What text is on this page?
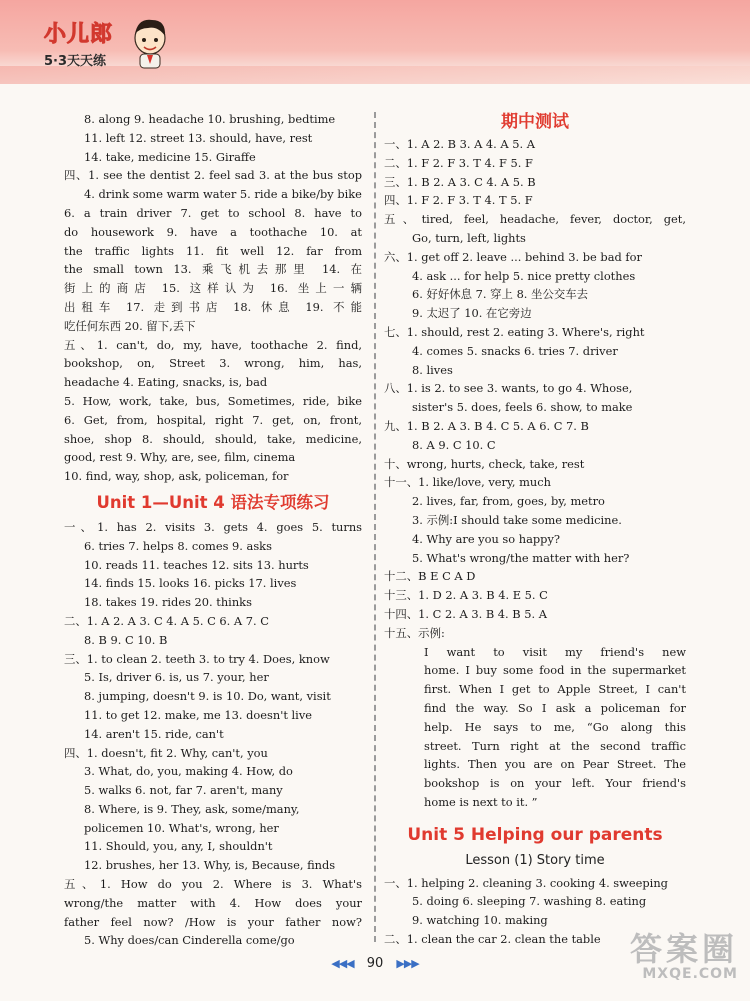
小儿郎
5·3天天练
8. along 9. headache 10. brushing, bedtime
11. left 12. street 13. should, have, rest
14. take, medicine 15. Giraffe
四、1. see the dentist 2. feel sad 3. at the bus stop
4. drink some warm water 5. ride a bike/by bike
6. a train driver 7. get to school 8. have to
do housework 9. have a toothache 10. at
the traffic lights 11. fit well 12. far from
the small town 13. 乘飞机去那里 14. 在
街上的商店 15. 这样认为 16. 坐上一辆
出租车 17. 走到书店 18. 休息 19. 不能
吃任何东西 20. 留下,丢下
五、1. can't, do, my, have, toothache 2. find,
bookshop, on, Street 3. wrong, him, has,
headache 4. Eating, snacks, is, bad
5. How, work, take, bus, Sometimes, ride, bike
6. Get, from, hospital, right 7. get, on, front,
shoe, shop 8. should, should, take, medicine,
good, rest 9. Why, are, see, film, cinema
10. find, way, shop, ask, policeman, for
Unit 1—Unit 4 语法专项练习
一、1. has 2. visits 3. gets 4. goes 5. turns
6. tries 7. helps 8. comes 9. asks
10. reads 11. teaches 12. sits 13. hurts
14. finds 15. looks 16. picks 17. lives
18. takes 19. rides 20. thinks
二、1. A 2. A 3. C 4. A 5. C 6. A 7. C
8. B 9. C 10. B
三、1. to clean 2. teeth 3. to try 4. Does, know
5. Is, driver 6. is, us 7. your, her
8. jumping, doesn't 9. is 10. Do, want, visit
11. to get 12. make, me 13. doesn't live
14. aren't 15. ride, can't
四、1. doesn't, fit 2. Why, can't, you
3. What, do, you, making 4. How, do
5. walks 6. not, far 7. aren't, many
8. Where, is 9. They, ask, some/many,
policemen 10. What's, wrong, her
11. Should, you, any, I, shouldn't
12. brushes, her 13. Why, is, Because, finds
五、1. How do you 2. Where is 3. What's
wrong/the matter with 4. How does your
father feel now? /How is your father now?
5. Why does/can Cinderella come/go
期中测试
一、1. A 2. B 3. A 4. A 5. A
二、1. F 2. F 3. T 4. F 5. F
三、1. B 2. A 3. C 4. A 5. B
四、1. F 2. F 3. T 4. T 5. F
五、tired, feel, headache, fever, doctor, get,
Go, turn, left, lights
六、1. get off 2. leave ... behind 3. be bad for
4. ask ... for help 5. nice pretty clothes
6. 好好休息 7. 穿上 8. 坐公交车去
9. 太迟了 10. 在它旁边
七、1. should, rest 2. eating 3. Where's, right
4. comes 5. snacks 6. tries 7. driver
8. lives
八、1. is 2. to see 3. wants, to go 4. Whose,
sister's 5. does, feels 6. show, to make
九、1. B 2. A 3. B 4. C 5. A 6. C 7. B
8. A 9. C 10. C
十、wrong, hurts, check, take, rest
十一、1. like/love, very, much
2. lives, far, from, goes, by, metro
3. 示例:I should take some medicine.
4. Why are you so happy?
5. What's wrong/the matter with her?
十二、B E C A D
十三、1. D 2. A 3. B 4. E 5. C
十四、1. C 2. A 3. B 4. B 5. A
十五、示例:
I want to visit my friend's new
home. I buy some food in the supermarket
first. When I get to Apple Street, I can't
find the way. So I ask a policeman for
help. He says to me, “Go along this
street. Turn right at the second traffic
lights. Then you are on Pear Street. The
bookshop is on your left. Your friend's
home is next to it. ”
Unit 5 Helping our parents
Lesson (1) Story time
一、1. helping 2. cleaning 3. cooking 4. sweeping
5. doing 6. sleeping 7. washing 8. eating
9. watching 10. making
二、1. clean the car 2. clean the table
◀◀◀ 90 ▶▶▶	答案圈
MXQE.COM
